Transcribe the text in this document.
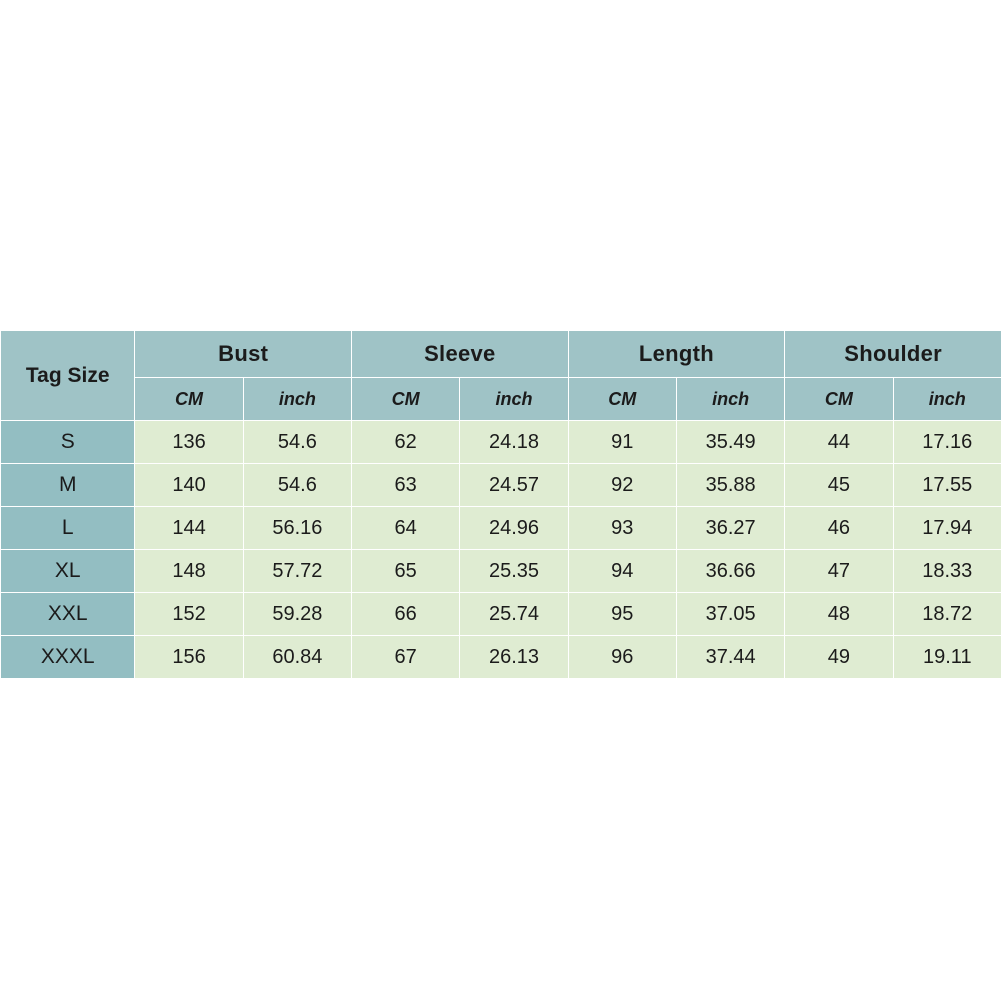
Tag Size	Bust		Sleeve		Length		Shoulder	
	CM	inch	CM	inch	CM	inch	CM	inch
S	136	54.6	62	24.18	91	35.49	44	17.16
M	140	54.6	63	24.57	92	35.88	45	17.55
L	144	56.16	64	24.96	93	36.27	46	17.94
XL	148	57.72	65	25.35	94	36.66	47	18.33
XXL	152	59.28	66	25.74	95	37.05	48	18.72
XXXL	156	60.84	67	26.13	96	37.44	49	19.11
